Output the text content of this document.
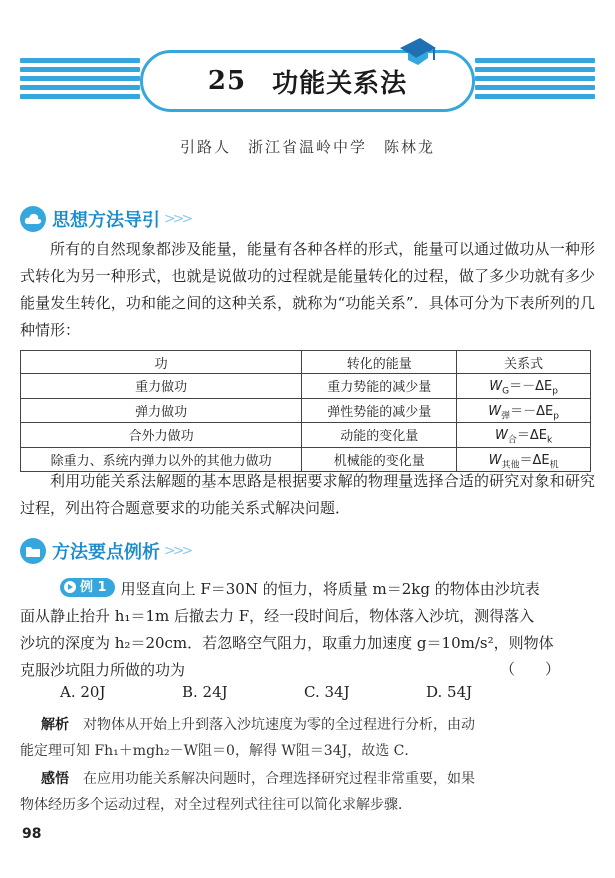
25 功能关系法
引路人　浙江省温岭中学　陈林龙
思想方法导引 >>>
所有的自然现象都涉及能量，能量有各种各样的形式，能量可以通过做功从一种形式转化为另一种形式，也就是说做功的过程就是能量转化的过程，做了多少功就有多少能量发生转化，功和能之间的这种关系，就称为“功能关系”．具体可分为下表所列的几种情形：
功	转化的能量	关系式
重力做功	重力势能的减少量	$W_G=-\Delta E_p$
弹力做功	弹性势能的减少量	$W_弹=-\Delta E_p$
合外力做功	动能的变化量	$W_合=\Delta E_k$
除重力、系统内弹力以外的其他力做功	机械能的变化量	$W_{其他}=\Delta E_机$
利用功能关系法解题的基本思路是根据要求解的物理量选择合适的研究对象和研究过程，列出符合题意要求的功能关系式解决问题．
方法要点例析 >>>
例 1 用竖直向上 F＝30N 的恒力，将质量 m＝2kg 的物体由沙坑表
面从静止抬升 h₁＝1m 后撤去力 F，经一段时间后，物体落入沙坑，测得落入
沙坑的深度为 h₂＝20cm．若忽略空气阻力，取重力加速度 g＝10m/s²，则物体
克服沙坑阻力所做的功为	（　　）
A. 20J	B. 24J	C. 34J	D. 54J
解析　 对物体从开始上升到落入沙坑速度为零的全过程进行分析，由动
能定理可知 Fh₁＋mgh₂－W阻＝0，解得 W阻＝34J，故选 C．
感悟　 在应用功能关系解决问题时，合理选择研究过程非常重要，如果
物体经历多个运动过程，对全过程列式往往可以简化求解步骤．
98
